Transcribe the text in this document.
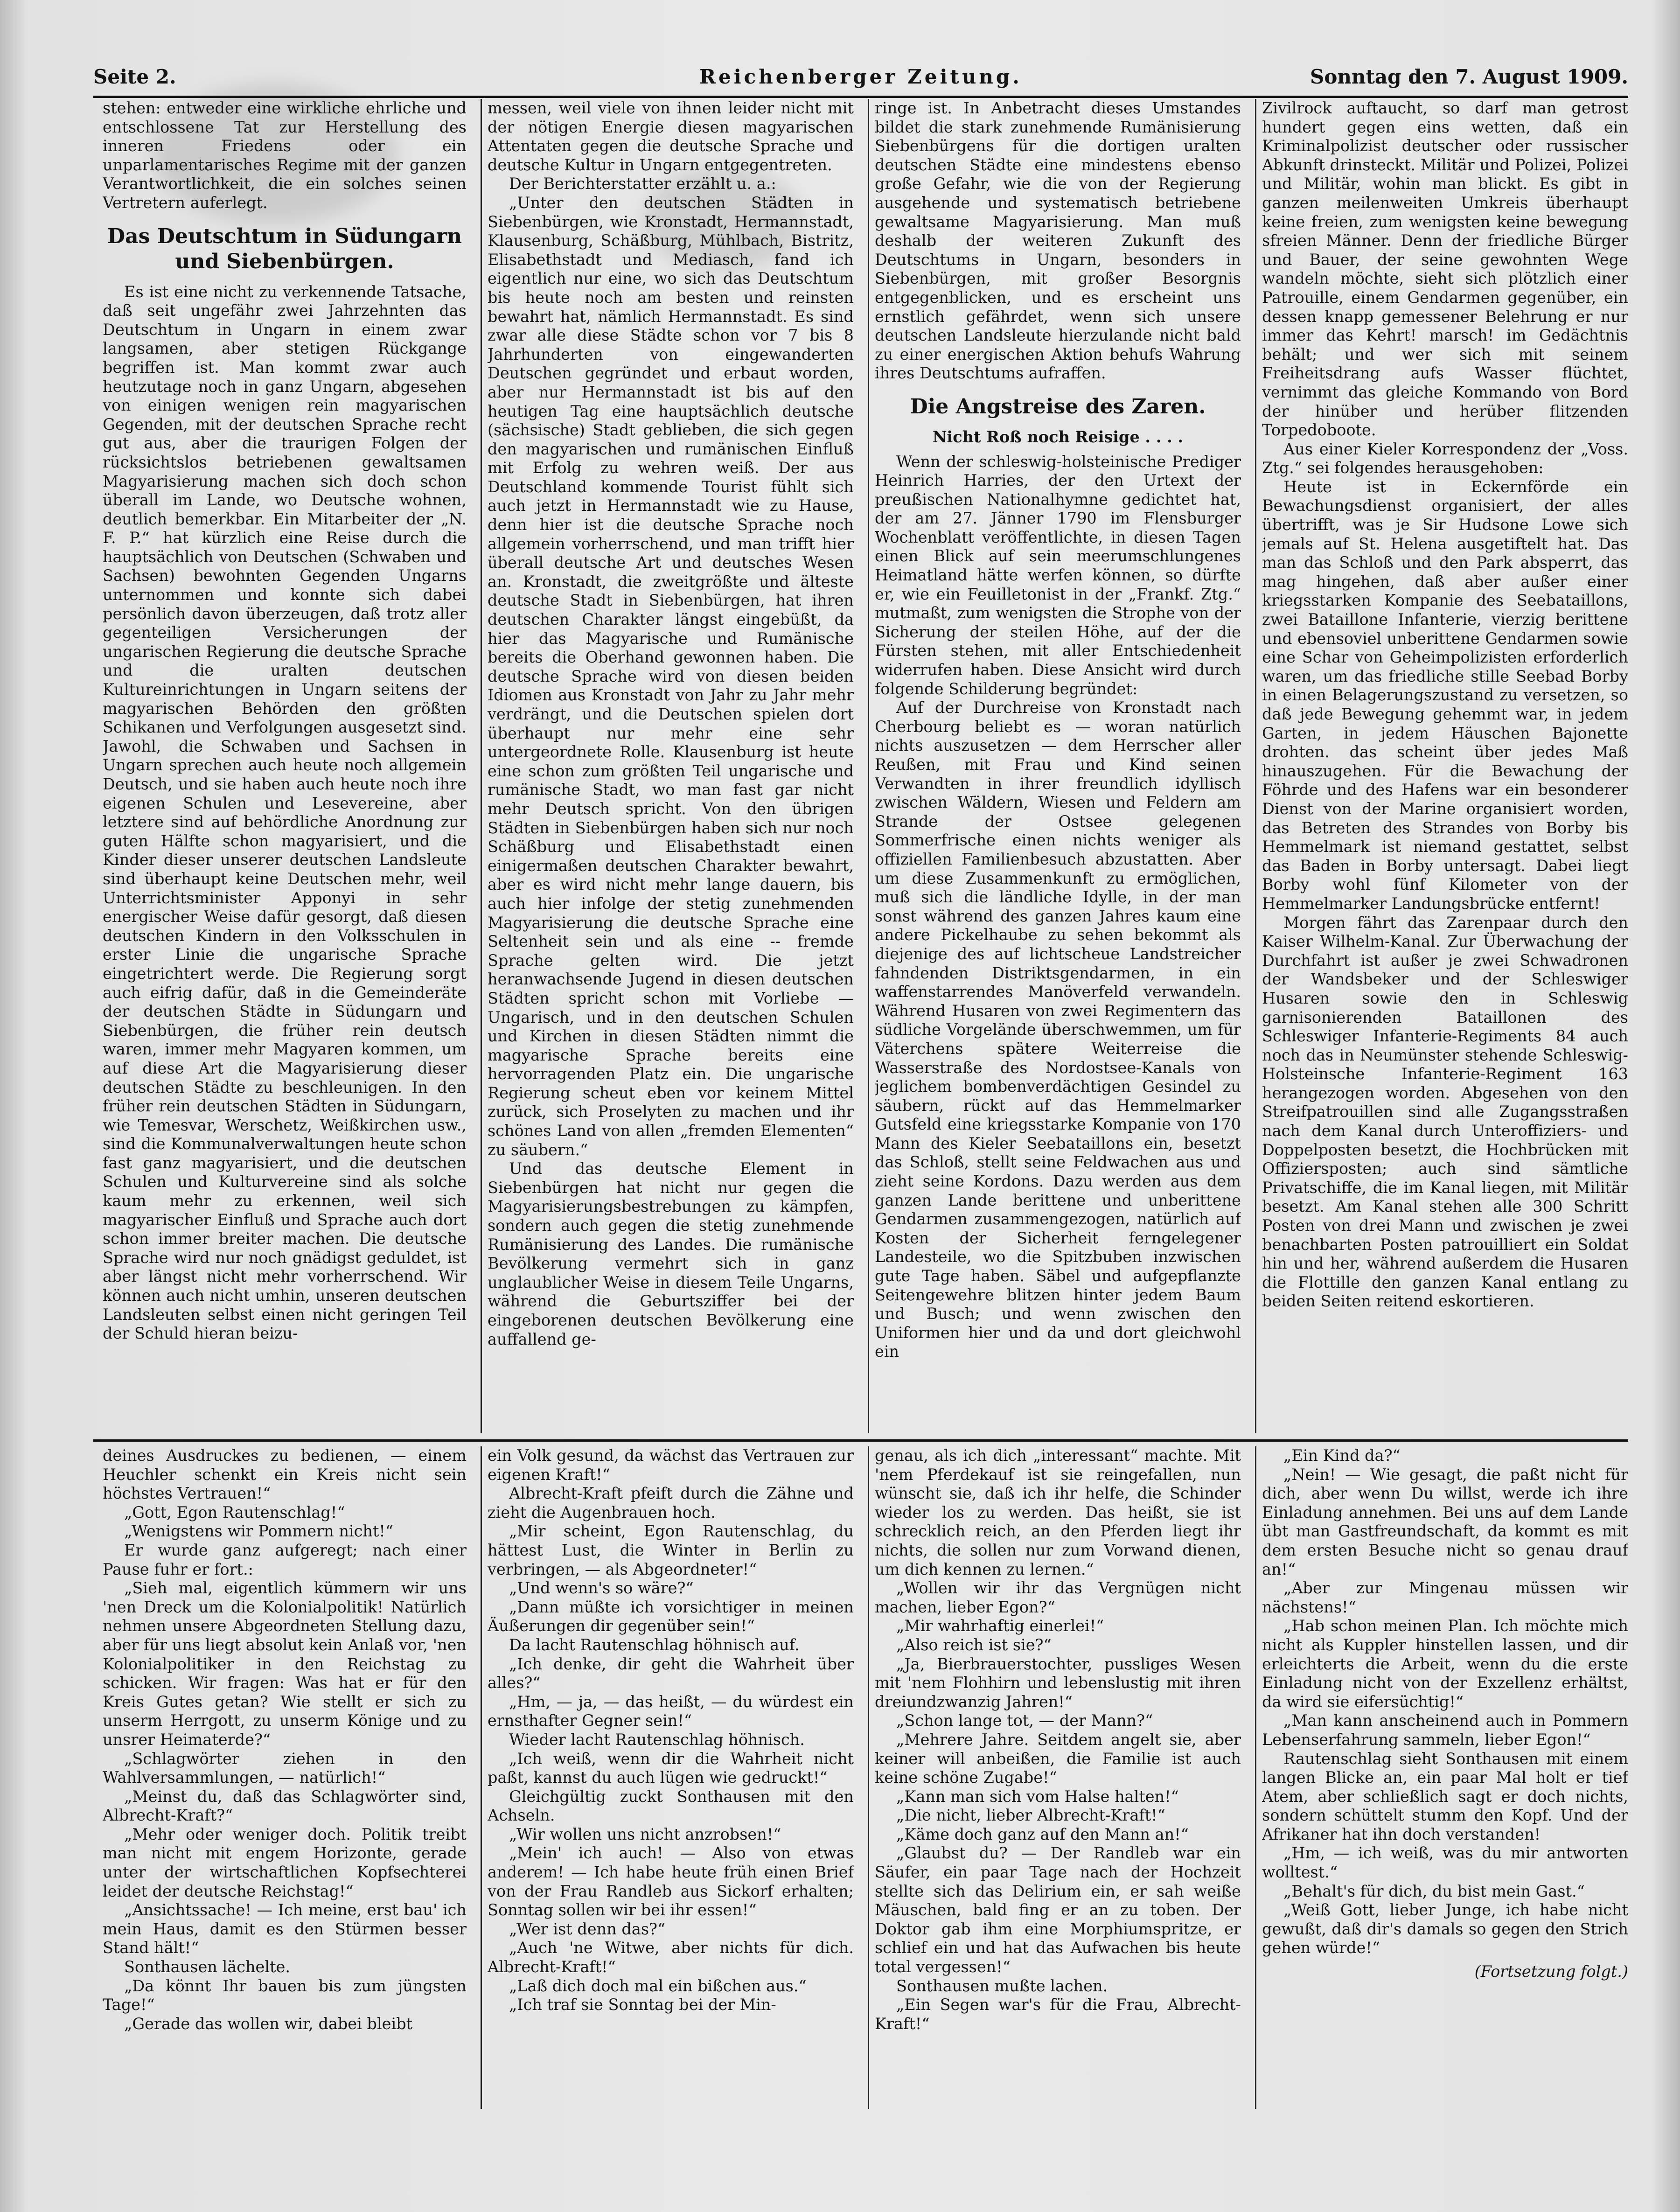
Seite 2.	Reichenberger Zeitung.	Sonntag den 7. August 1909.

stehen: entweder eine wirkliche ehrliche und entschlossene Tat zur Herstellung des inneren Friedens oder ein unparlamentarisches Regime mit der ganzen Verantwortlichkeit, die ein solches seinen Vertretern auferlegt.

Das Deutschtum in Südungarn und Siebenbürgen.

Es ist eine nicht zu verkennende Tatsache, daß seit ungefähr zwei Jahrzehnten das Deutschtum in Ungarn in einem zwar langsamen, aber stetigen Rückgange begriffen ist. Man kommt zwar auch heutzutage noch in ganz Ungarn, abgesehen von einigen wenigen rein magyarischen Gegenden, mit der deutschen Sprache recht gut aus, aber die traurigen Folgen der rücksichtslos betriebenen gewaltsamen Magyarisierung machen sich doch schon überall im Lande, wo Deutsche wohnen, deutlich bemerkbar. Ein Mitarbeiter der „N. F. P.“ hat kürzlich eine Reise durch die hauptsächlich von Deutschen (Schwaben und Sachsen) bewohnten Gegenden Ungarns unternommen und konnte sich dabei persönlich davon überzeugen, daß trotz aller gegenteiligen Versicherungen der ungarischen Regierung die deutsche Sprache und die uralten deutschen Kultureinrichtungen in Ungarn seitens der magyarischen Behörden den größten Schikanen und Verfolgungen ausgesetzt sind. Jawohl, die Schwaben und Sachsen in Ungarn sprechen auch heute noch allgemein Deutsch, und sie haben auch heute noch ihre eigenen Schulen und Lesevereine, aber letztere sind auf behördliche Anordnung zur guten Hälfte schon magyarisiert, und die Kinder dieser unserer deutschen Landsleute sind überhaupt keine Deutschen mehr, weil Unterrichtsminister Apponyi in sehr energischer Weise dafür gesorgt, daß diesen deutschen Kindern in den Volksschulen in erster Linie die ungarische Sprache eingetrichtert werde. Die Regierung sorgt auch eifrig dafür, daß in die Gemeinderäte der deutschen Städte in Südungarn und Siebenbürgen, die früher rein deutsch waren, immer mehr Magyaren kommen, um auf diese Art die Magyarisierung dieser deutschen Städte zu beschleunigen. In den früher rein deutschen Städten in Südungarn, wie Temesvar, Werschetz, Weißkirchen usw., sind die Kommunalverwaltungen heute schon fast ganz magyarisiert, und die deutschen Schulen und Kulturvereine sind als solche kaum mehr zu erkennen, weil sich magyarischer Einfluß und Sprache auch dort schon immer breiter machen. Die deutsche Sprache wird nur noch gnädigst geduldet, ist aber längst nicht mehr vorherrschend. Wir können auch nicht umhin, unseren deutschen Landsleuten selbst einen nicht geringen Teil der Schuld hieran beizu-

messen, weil viele von ihnen leider nicht mit der nötigen Energie diesen magyarischen Attentaten gegen die deutsche Sprache und deutsche Kultur in Ungarn entgegentreten.

Der Berichterstatter erzählt u. a.:

„Unter den deutschen Städten in Siebenbürgen, wie Kronstadt, Hermannstadt, Klausenburg, Schäßburg, Mühlbach, Bistritz, Elisabethstadt und Mediasch, fand ich eigentlich nur eine, wo sich das Deutschtum bis heute noch am besten und reinsten bewahrt hat, nämlich Hermannstadt. Es sind zwar alle diese Städte schon vor 7 bis 8 Jahrhunderten von eingewanderten Deutschen gegründet und erbaut worden, aber nur Hermannstadt ist bis auf den heutigen Tag eine hauptsächlich deutsche (sächsische) Stadt geblieben, die sich gegen den magyarischen und rumänischen Einfluß mit Erfolg zu wehren weiß. Der aus Deutschland kommende Tourist fühlt sich auch jetzt in Hermannstadt wie zu Hause, denn hier ist die deutsche Sprache noch allgemein vorherrschend, und man trifft hier überall deutsche Art und deutsches Wesen an. Kronstadt, die zweitgrößte und älteste deutsche Stadt in Siebenbürgen, hat ihren deutschen Charakter längst eingebüßt, da hier das Magyarische und Rumänische bereits die Oberhand gewonnen haben. Die deutsche Sprache wird von diesen beiden Idiomen aus Kronstadt von Jahr zu Jahr mehr verdrängt, und die Deutschen spielen dort überhaupt nur mehr eine sehr untergeordnete Rolle. Klausenburg ist heute eine schon zum größten Teil ungarische und rumänische Stadt, wo man fast gar nicht mehr Deutsch spricht. Von den übrigen Städten in Siebenbürgen haben sich nur noch Schäßburg und Elisabethstadt einen einigermaßen deutschen Charakter bewahrt, aber es wird nicht mehr lange dauern, bis auch hier infolge der stetig zunehmenden Magyarisierung die deutsche Sprache eine Seltenheit sein und als eine -- fremde Sprache gelten wird. Die jetzt heranwachsende Jugend in diesen deutschen Städten spricht schon mit Vorliebe — Ungarisch, und in den deutschen Schulen und Kirchen in diesen Städten nimmt die magyarische Sprache bereits eine hervorragenden Platz ein. Die ungarische Regierung scheut eben vor keinem Mittel zurück, sich Proselyten zu machen und ihr schönes Land von allen „fremden Elementen“ zu säubern.“

Und das deutsche Element in Siebenbürgen hat nicht nur gegen die Magyarisierungsbestrebungen zu kämpfen, sondern auch gegen die stetig zunehmende Rumänisierung des Landes. Die rumänische Bevölkerung vermehrt sich in ganz unglaublicher Weise in diesem Teile Ungarns, während die Geburtsziffer bei der eingeborenen deutschen Bevölkerung eine auffallend ge-

ringe ist. In Anbetracht dieses Umstandes bildet die stark zunehmende Rumänisierung Siebenbürgens für die dortigen uralten deutschen Städte eine mindestens ebenso große Gefahr, wie die von der Regierung ausgehende und systematisch betriebene gewaltsame Magyarisierung. Man muß deshalb der weiteren Zukunft des Deutschtums in Ungarn, besonders in Siebenbürgen, mit großer Besorgnis entgegenblicken, und es erscheint uns ernstlich gefährdet, wenn sich unsere deutschen Landsleute hierzulande nicht bald zu einer energischen Aktion behufs Wahrung ihres Deutschtums aufraffen.

Die Angstreise des Zaren.
Nicht Roß noch Reisige . . . .

Wenn der schleswig-holsteinische Prediger Heinrich Harries, der den Urtext der preußischen Nationalhymne gedichtet hat, der am 27. Jänner 1790 im Flensburger Wochenblatt veröffentlichte, in diesen Tagen einen Blick auf sein meerumschlungenes Heimatland hätte werfen können, so dürfte er, wie ein Feuilletonist in der „Frankf. Ztg.“ mutmaßt, zum wenigsten die Strophe von der Sicherung der steilen Höhe, auf der die Fürsten stehen, mit aller Entschiedenheit widerrufen haben. Diese Ansicht wird durch folgende Schilderung begründet:

Auf der Durchreise von Kronstadt nach Cherbourg beliebt es — woran natürlich nichts auszusetzen — dem Herrscher aller Reußen, mit Frau und Kind seinen Verwandten in ihrer freundlich idyllisch zwischen Wäldern, Wiesen und Feldern am Strande der Ostsee gelegenen Sommerfrische einen nichts weniger als offiziellen Familienbesuch abzustatten. Aber um diese Zusammenkunft zu ermöglichen, muß sich die ländliche Idylle, in der man sonst während des ganzen Jahres kaum eine andere Pickelhaube zu sehen bekommt als diejenige des auf lichtscheue Landstreicher fahndenden Distriktsgendarmen, in ein waffenstarrendes Manöverfeld verwandeln. Während Husaren von zwei Regimentern das südliche Vorgelände überschwemmen, um für Väterchens spätere Weiterreise die Wasserstraße des Nordostsee-Kanals von jeglichem bombenverdächtigen Gesindel zu säubern, rückt auf das Hemmelmarker Gutsfeld eine kriegsstarke Kompanie von 170 Mann des Kieler Seebataillons ein, besetzt das Schloß, stellt seine Feldwachen aus und zieht seine Kordons. Dazu werden aus dem ganzen Lande berittene und unberittene Gendarmen zusammengezogen, natürlich auf Kosten der Sicherheit ferngelegener Landesteile, wo die Spitzbuben inzwischen gute Tage haben. Säbel und aufgepflanzte Seitengewehre blitzen hinter jedem Baum und Busch; und wenn zwischen den Uniformen hier und da und dort gleichwohl ein

Zivilrock auftaucht, so darf man getrost hundert gegen eins wetten, daß ein Kriminalpolizist deutscher oder russischer Abkunft drinsteckt. Militär und Polizei, Polizei und Militär, wohin man blickt. Es gibt in ganzen meilenweiten Umkreis überhaupt keine freien, zum wenigsten keine bewegung sfreien Männer. Denn der friedliche Bürger und Bauer, der seine gewohnten Wege wandeln möchte, sieht sich plötzlich einer Patrouille, einem Gendarmen gegenüber, ein dessen knapp gemessener Belehrung er nur immer das Kehrt! marsch! im Gedächtnis behält; und wer sich mit seinem Freiheitsdrang aufs Wasser flüchtet, vernimmt das gleiche Kommando von Bord der hinüber und herüber flitzenden Torpedoboote.

Aus einer Kieler Korrespondenz der „Voss. Ztg.“ sei folgendes herausgehoben:

Heute ist in Eckernförde ein Bewachungsdienst organisiert, der alles übertrifft, was je Sir Hudsone Lowe sich jemals auf St. Helena ausgetiftelt hat. Das man das Schloß und den Park absperrt, das mag hingehen, daß aber außer einer kriegsstarken Kompanie des Seebataillons, zwei Bataillone Infanterie, vierzig berittene und ebensoviel unberittene Gendarmen sowie eine Schar von Geheimpolizisten erforderlich waren, um das friedliche stille Seebad Borby in einen Belagerungszustand zu versetzen, so daß jede Bewegung gehemmt war, in jedem Garten, in jedem Häuschen Bajonette drohten. das scheint über jedes Maß hinauszugehen. Für die Bewachung der Föhrde und des Hafens war ein besonderer Dienst von der Marine organisiert worden, das Betreten des Strandes von Borby bis Hemmelmark ist niemand gestattet, selbst das Baden in Borby untersagt. Dabei liegt Borby wohl fünf Kilometer von der Hemmelmarker Landungsbrücke entfernt!

Morgen fährt das Zarenpaar durch den Kaiser Wilhelm-Kanal. Zur Überwachung der Durchfahrt ist außer je zwei Schwadronen der Wandsbeker und der Schleswiger Husaren sowie den in Schleswig garnisonierenden Bataillonen des Schleswiger Infanterie-Regiments 84 auch noch das in Neumünster stehende Schleswig-Holsteinsche Infanterie-Regiment 163 herangezogen worden. Abgesehen von den Streifpatrouillen sind alle Zugangsstraßen nach dem Kanal durch Unteroffiziers- und Doppelposten besetzt, die Hochbrücken mit Offiziersposten; auch sind sämtliche Privatschiffe, die im Kanal liegen, mit Militär besetzt. Am Kanal stehen alle 300 Schritt Posten von drei Mann und zwischen je zwei benachbarten Posten patrouilliert ein Soldat hin und her, während außerdem die Husaren die Flottille den ganzen Kanal entlang zu beiden Seiten reitend eskortieren.

deines Ausdruckes zu bedienen, — einem Heuchler schenkt ein Kreis nicht sein höchstes Vertrauen!“

„Gott, Egon Rautenschlag!“

„Wenigstens wir Pommern nicht!“

Er wurde ganz aufgeregt; nach einer Pause fuhr er fort.:

„Sieh mal, eigentlich kümmern wir uns 'nen Dreck um die Kolonialpolitik! Natürlich nehmen unsere Abgeordneten Stellung dazu, aber für uns liegt absolut kein Anlaß vor, 'nen Kolonialpolitiker in den Reichstag zu schicken. Wir fragen: Was hat er für den Kreis Gutes getan? Wie stellt er sich zu unserm Herrgott, zu unserm Könige und zu unsrer Heimaterde?“

„Schlagwörter ziehen in den Wahlversammlungen, — natürlich!“

„Meinst du, daß das Schlagwörter sind, Albrecht-Kraft?“

„Mehr oder weniger doch. Politik treibt man nicht mit engem Horizonte, gerade unter der wirtschaftlichen Kopfsechterei leidet der deutsche Reichstag!“

„Ansichtssache! — Ich meine, erst bau' ich mein Haus, damit es den Stürmen besser Stand hält!“

Sonthausen lächelte.

„Da könnt Ihr bauen bis zum jüngsten Tage!“

„Gerade das wollen wir, dabei bleibt

ein Volk gesund, da wächst das Vertrauen zur eigenen Kraft!“

Albrecht-Kraft pfeift durch die Zähne und zieht die Augenbrauen hoch.

„Mir scheint, Egon Rautenschlag, du hättest Lust, die Winter in Berlin zu verbringen, — als Abgeordneter!“

„Und wenn's so wäre?“

„Dann müßte ich vorsichtiger in meinen Äußerungen dir gegenüber sein!“

Da lacht Rautenschlag höhnisch auf.

„Ich denke, dir geht die Wahrheit über alles?“

„Hm, — ja, — das heißt, — du würdest ein ernsthafter Gegner sein!“

Wieder lacht Rautenschlag höhnisch.

„Ich weiß, wenn dir die Wahrheit nicht paßt, kannst du auch lügen wie gedruckt!“

Gleichgültig zuckt Sonthausen mit den Achseln.

„Wir wollen uns nicht anzrobsen!“

„Mein' ich auch! — Also von etwas anderem! — Ich habe heute früh einen Brief von der Frau Randleb aus Sickorf erhalten; Sonntag sollen wir bei ihr essen!“

„Wer ist denn das?“

„Auch 'ne Witwe, aber nichts für dich. Albrecht-Kraft!“

„Laß dich doch mal ein bißchen aus.“

„Ich traf sie Sonntag bei der Min-

genau, als ich dich „interessant“ machte. Mit 'nem Pferdekauf ist sie reingefallen, nun wünscht sie, daß ich ihr helfe, die Schinder wieder los zu werden. Das heißt, sie ist schrecklich reich, an den Pferden liegt ihr nichts, die sollen nur zum Vorwand dienen, um dich kennen zu lernen.“

„Wollen wir ihr das Vergnügen nicht machen, lieber Egon?“

„Mir wahrhaftig einerlei!“

„Also reich ist sie?“

„Ja, Bierbrauerstochter, pussliges Wesen mit 'nem Flohhirn und lebenslustig mit ihren dreiundzwanzig Jahren!“

„Schon lange tot, — der Mann?“

„Mehrere Jahre. Seitdem angelt sie, aber keiner will anbeißen, die Familie ist auch keine schöne Zugabe!“

„Kann man sich vom Halse halten!“

„Die nicht, lieber Albrecht-Kraft!“

„Käme doch ganz auf den Mann an!“

„Glaubst du? — Der Randleb war ein Säufer, ein paar Tage nach der Hochzeit stellte sich das Delirium ein, er sah weiße Mäuschen, bald fing er an zu toben. Der Doktor gab ihm eine Morphiumspritze, er schlief ein und hat das Aufwachen bis heute total vergessen!“

Sonthausen mußte lachen.

„Ein Segen war's für die Frau, Albrecht-Kraft!“

„Ein Kind da?“

„Nein! — Wie gesagt, die paßt nicht für dich, aber wenn Du willst, werde ich ihre Einladung annehmen. Bei uns auf dem Lande übt man Gastfreundschaft, da kommt es mit dem ersten Besuche nicht so genau drauf an!“

„Aber zur Mingenau müssen wir nächstens!“

„Hab schon meinen Plan. Ich möchte mich nicht als Kuppler hinstellen lassen, und dir erleichterts die Arbeit, wenn du die erste Einladung nicht von der Exzellenz erhältst, da wird sie eifersüchtig!“

„Man kann anscheinend auch in Pommern Lebenserfahrung sammeln, lieber Egon!“

Rautenschlag sieht Sonthausen mit einem langen Blicke an, ein paar Mal holt er tief Atem, aber schließlich sagt er doch nichts, sondern schüttelt stumm den Kopf. Und der Afrikaner hat ihn doch verstanden!

„Hm, — ich weiß, was du mir antworten wolltest.“

„Behalt's für dich, du bist mein Gast.“

„Weiß Gott, lieber Junge, ich habe nicht gewußt, daß dir's damals so gegen den Strich gehen würde!“

(Fortsetzung folgt.)
